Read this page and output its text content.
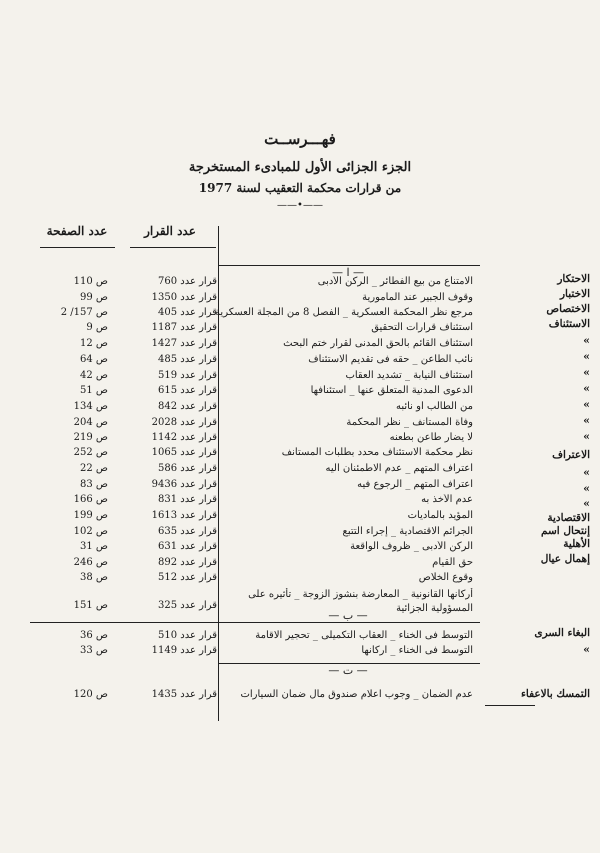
فهـــرســت
الجزء الجزائى الأول للمبادىء المستخرجة
من قرارات محكمة التعقيب لسنة 1977
——•——
عدد الصفحة	عدد القرار
— ا —
— ب —
— ت —
الاحتكار
الاختبار
الاختصاص
الاستئناف
»
»
»
»
»
»
»
الاعتراف
»
»
»
الاقتصادية
إنتحال اسم
الأهلية
إهمال عيال
البغاء السرى
»
التمسك بالاعفاء
الامتناع من بيع الفطائر _ الركن الأدبى
قرار عدد 760
ص 110
وقوف الجبير عند المأمورية
قرار عدد 1350
ص 99
مرجع نظر المحكمة العسكرية _ الفصل 8 من المجلة العسكرية
قرار عدد 405
ص 157/ 2
استئناف قرارات التحقيق
قرار عدد 1187
ص 9
استئناف القائم بالحق المدنى لقرار ختم البحث
قرار عدد 1427
ص 12
نائب الطاعن _ حقه فى تقديم الاستئناف
قرار عدد 485
ص 64
استئناف النيابة _ تشديد العقاب
قرار عدد 519
ص 42
الدعوى المدنية المتعلق عنها _ استئنافها
قرار عدد 615
ص 51
من الطالب أو نائبه
قرار عدد 842
ص 134
وفاة المستأنف _ نظر المحكمة
قرار عدد 2028
ص 204
لا يضار طاعن بطعنه
قرار عدد 1142
ص 219
نظر محكمة الاستئناف محدد بطلبات المستأنف
قرار عدد 1065
ص 252
اعتراف المتهم _ عدم الاطمئنان اليه
قرار عدد 586
ص 22
اعتراف المتهم _ الرجوع فيه
قرار عدد 9436
ص 83
عدم الأخذ به
قرار عدد 831
ص 166
المؤيد بالماديات
قرار عدد 1613
ص 199
الجرائم الاقتصادية _ إجراء التتبع
قرار عدد 635
ص 102
الركن الأدبى _ ظروف الواقعة
قرار عدد 631
ص 31
حق القيام
قرار عدد 892
ص 246
وقوع الخلاص
قرار عدد 512
ص 38
أركانها القانونية _ المعارضة بنشوز الزوجة _ تأثيره على المسؤولية الجزائية
قرار عدد 325
ص 151
التوسط فى الخناء _ العقاب التكميلى _ تحجير الاقامة
قرار عدد 510
ص 36
التوسط فى الخناء _ أركانها
قرار عدد 1149
ص 33
عدم الضمان _ وجوب اعلام صندوق مال ضمان السيارات
قرار عدد 1435
ص 120
